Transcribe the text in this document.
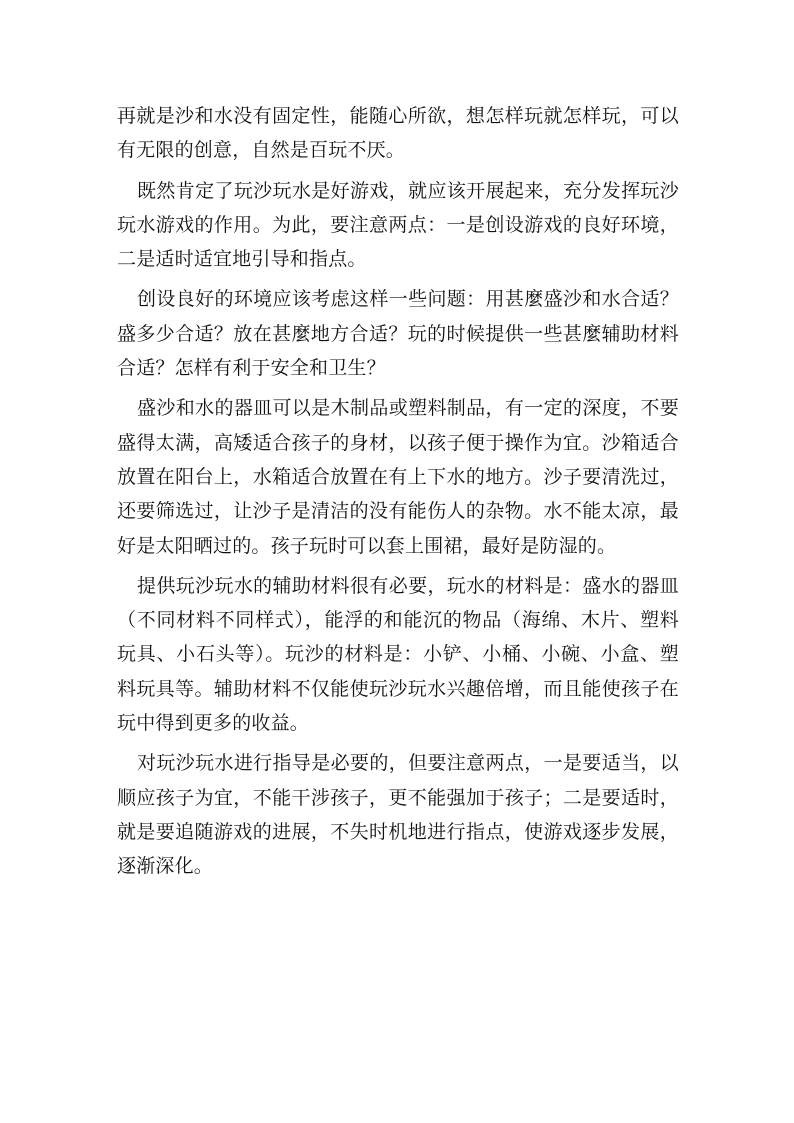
再就是沙和水没有固定性，能随心所欲，想怎样玩就怎样玩，可以有无限的创意，自然是百玩不厌。

既然肯定了玩沙玩水是好游戏，就应该开展起来，充分发挥玩沙玩水游戏的作用。为此，要注意两点：一是创设游戏的良好环境，二是适时适宜地引导和指点。

创设良好的环境应该考虑这样一些问题：用甚麼盛沙和水合适？盛多少合适？放在甚麼地方合适？玩的时候提供一些甚麼辅助材料合适？怎样有利于安全和卫生？

盛沙和水的器皿可以是木制品或塑料制品，有一定的深度，不要盛得太满，高矮适合孩子的身材，以孩子便于操作为宜。沙箱适合放置在阳台上，水箱适合放置在有上下水的地方。沙子要清洗过，还要筛选过，让沙子是清洁的没有能伤人的杂物。水不能太凉，最好是太阳晒过的。孩子玩时可以套上围裙，最好是防湿的。

提供玩沙玩水的辅助材料很有必要，玩水的材料是：盛水的器皿（不同材料不同样式），能浮的和能沉的物品（海绵、木片、塑料玩具、小石头等）。玩沙的材料是：小铲、小桶、小碗、小盒、塑料玩具等。辅助材料不仅能使玩沙玩水兴趣倍增，而且能使孩子在玩中得到更多的收益。

对玩沙玩水进行指导是必要的，但要注意两点，一是要适当，以顺应孩子为宜，不能干涉孩子，更不能强加于孩子；二是要适时，就是要追随游戏的进展，不失时机地进行指点，使游戏逐步发展，逐渐深化。
